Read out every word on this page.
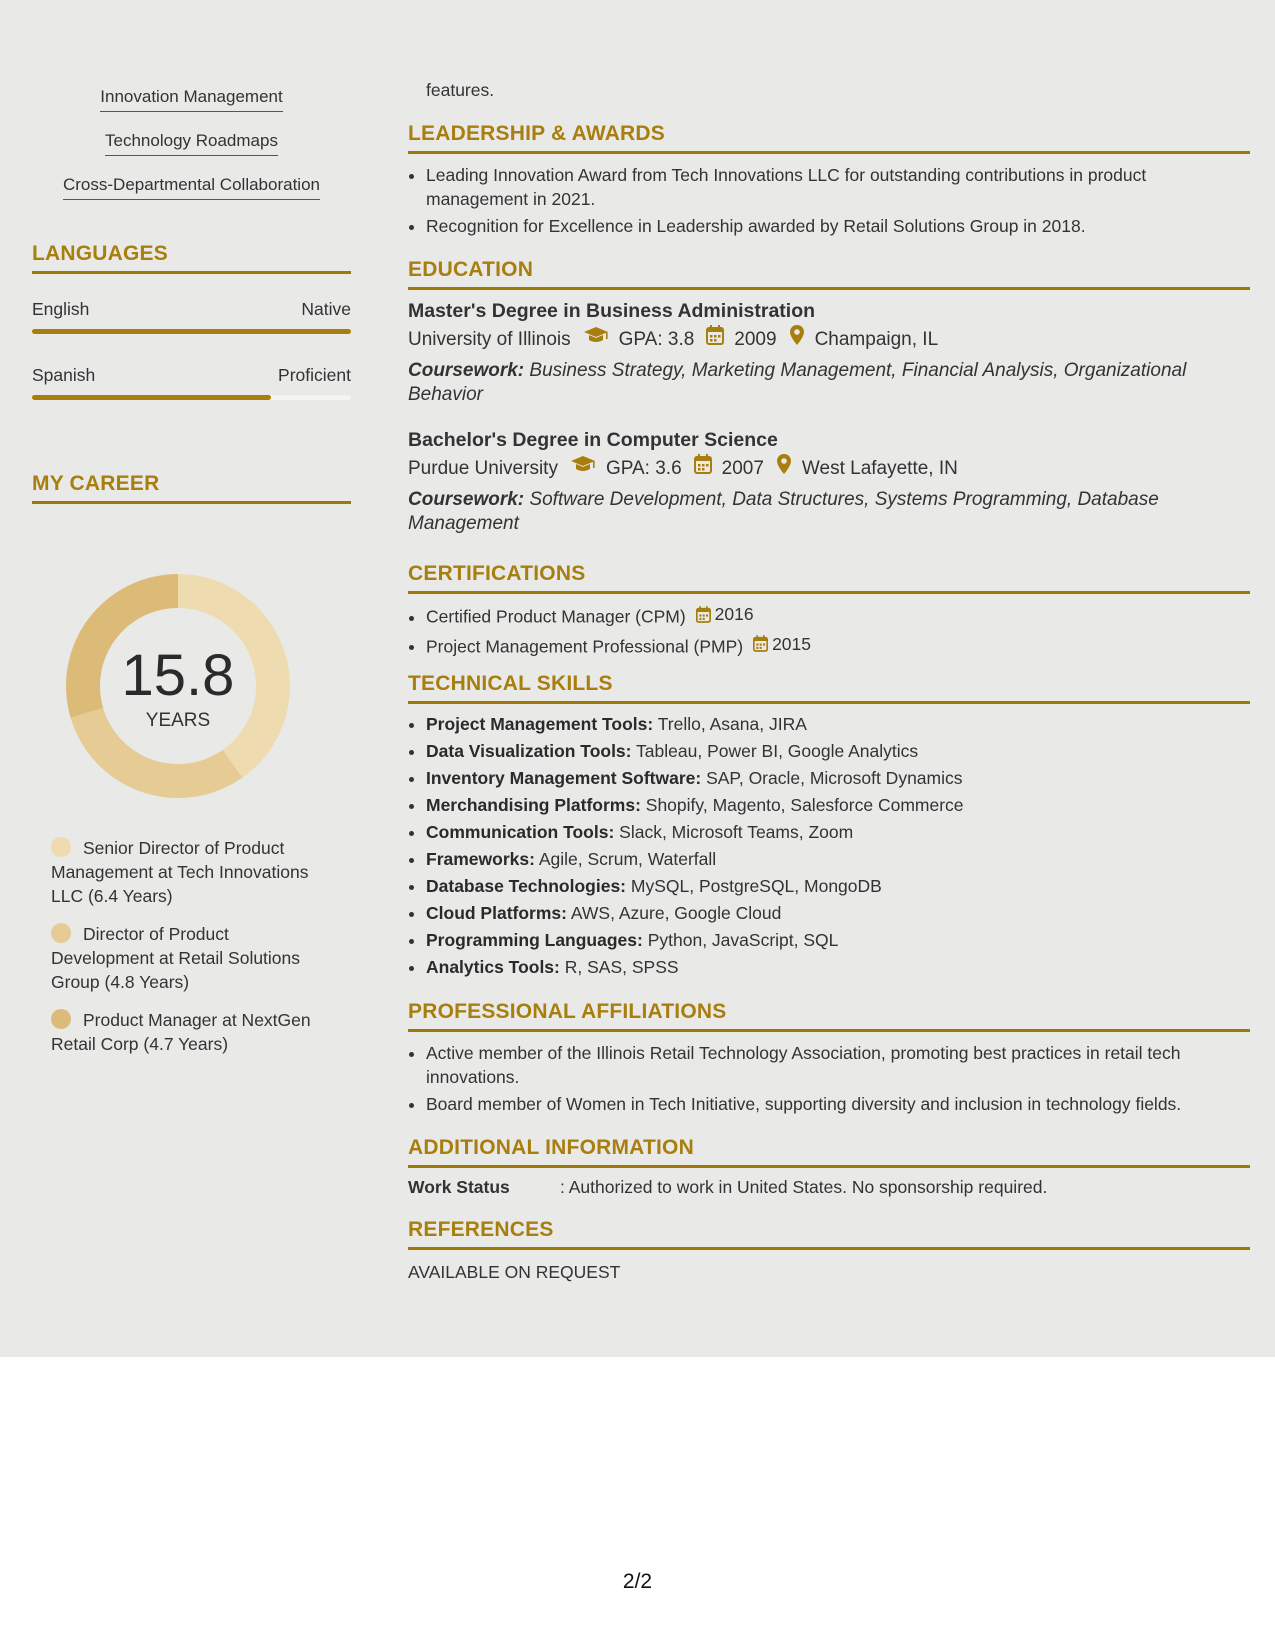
Innovation Management
Technology Roadmaps
Cross-Departmental Collaboration
LANGUAGES
English	Native
Spanish	Proficient
MY CAREER
15.8
YEARS
Senior Director of Product Management at Tech Innovations LLC (6.4 Years)
Director of Product Development at Retail Solutions Group (4.8 Years)
Product Manager at NextGen Retail Corp (4.7 Years)
features.
LEADERSHIP & AWARDS
• Leading Innovation Award from Tech Innovations LLC for outstanding contributions in product management in 2021.
• Recognition for Excellence in Leadership awarded by Retail Solutions Group in 2018.
EDUCATION
Master's Degree in Business Administration
University of Illinois	GPA: 3.8 2009 Champaign, IL
Coursework: Business Strategy, Marketing Management, Financial Analysis, Organizational Behavior
Bachelor's Degree in Computer Science
Purdue University	GPA: 3.6 2007 West Lafayette, IN
Coursework: Software Development, Data Structures, Systems Programming, Database Management
CERTIFICATIONS
• Certified Product Manager (CPM) 2016
• Project Management Professional (PMP) 2015
TECHNICAL SKILLS
• Project Management Tools: Trello, Asana, JIRA
• Data Visualization Tools: Tableau, Power BI, Google Analytics
• Inventory Management Software: SAP, Oracle, Microsoft Dynamics
• Merchandising Platforms: Shopify, Magento, Salesforce Commerce
• Communication Tools: Slack, Microsoft Teams, Zoom
• Frameworks: Agile, Scrum, Waterfall
• Database Technologies: MySQL, PostgreSQL, MongoDB
• Cloud Platforms: AWS, Azure, Google Cloud
• Programming Languages: Python, JavaScript, SQL
• Analytics Tools: R, SAS, SPSS
PROFESSIONAL AFFILIATIONS
• Active member of the Illinois Retail Technology Association, promoting best practices in retail tech innovations.
• Board member of Women in Tech Initiative, supporting diversity and inclusion in technology fields.
ADDITIONAL INFORMATION
Work Status	: Authorized to work in United States. No sponsorship required.
REFERENCES
AVAILABLE ON REQUEST
2/2
